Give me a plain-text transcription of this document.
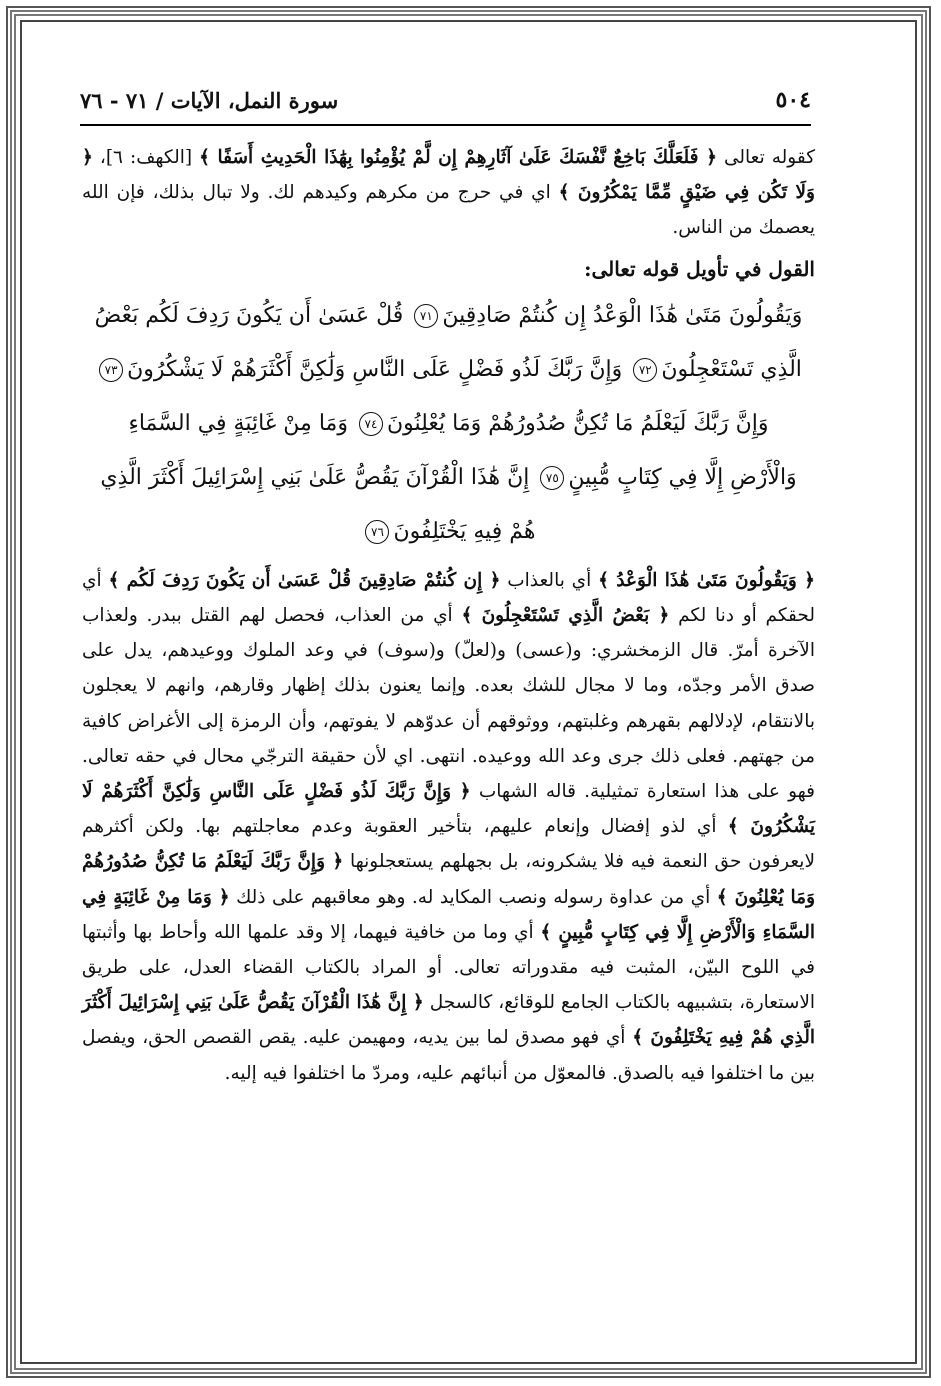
٥٠٤
سورة النمل، الآيات / ٧١ - ٧٦

كقوله تعالى ﴿ فَلَعَلَّكَ بَاخِعٌ نَّفْسَكَ عَلَىٰ آثَارِهِمْ إِن لَّمْ يُؤْمِنُوا بِهَٰذَا الْحَدِيثِ أَسَفًا ﴾ [الكهف: ٦]، ﴿ وَلَا تَكُن فِي ضَيْقٍ مِّمَّا يَمْكُرُونَ ﴾ اي في حرج من مكرهم وكيدهم لك. ولا تبال بذلك، فإن الله يعصمك من الناس.

القول في تأويل قوله تعالى:

وَيَقُولُونَ مَتَىٰ هَٰذَا الْوَعْدُ إِن كُنتُمْ صَادِقِينَ٧١ قُلْ عَسَىٰ أَن يَكُونَ رَدِفَ لَكُم بَعْضُ الَّذِي تَسْتَعْجِلُونَ٧٢ وَإِنَّ رَبَّكَ لَذُو فَضْلٍ عَلَى النَّاسِ وَلَٰكِنَّ أَكْثَرَهُمْ لَا يَشْكُرُونَ٧٣ وَإِنَّ رَبَّكَ لَيَعْلَمُ مَا تُكِنُّ صُدُورُهُمْ وَمَا يُعْلِنُونَ٧٤ وَمَا مِنْ غَائِبَةٍ فِي السَّمَاءِ وَالْأَرْضِ إِلَّا فِي كِتَابٍ مُّبِينٍ٧٥ إِنَّ هَٰذَا الْقُرْآنَ يَقُصُّ عَلَىٰ بَنِي إِسْرَائِيلَ أَكْثَرَ الَّذِي هُمْ فِيهِ يَخْتَلِفُونَ٧٦

﴿ وَيَقُولُونَ مَتَىٰ هَٰذَا الْوَعْدُ ﴾ أي بالعذاب ﴿ إِن كُنتُمْ صَادِقِينَ قُلْ عَسَىٰ أَن يَكُونَ رَدِفَ لَكُم ﴾ أي لحقكم أو دنا لكم ﴿ بَعْضُ الَّذِي تَسْتَعْجِلُونَ ﴾ أي من العذاب، فحصل لهم القتل ببدر. ولعذاب الآخرة أمرّ. قال الزمخشري: و(عسى) و(لعلّ) و(سوف) في وعد الملوك ووعيدهم، يدل على صدق الأمر وجدّه، وما لا مجال للشك بعده. وإنما يعنون بذلك إظهار وقارهم، وانهم لا يعجلون بالانتقام، لإدلالهم بقهرهم وغلبتهم، ووثوقهم أن عدوّهم لا يفوتهم، وأن الرمزة إلى الأغراض كافية من جهتهم. فعلى ذلك جرى وعد الله ووعيده. انتهى. اي لأن حقيقة الترجّي محال في حقه تعالى. فهو على هذا استعارة تمثيلية. قاله الشهاب ﴿ وَإِنَّ رَبَّكَ لَذُو فَضْلٍ عَلَى النَّاسِ وَلَٰكِنَّ أَكْثَرَهُمْ لَا يَشْكُرُونَ ﴾ أي لذو إفضال وإنعام عليهم، بتأخير العقوبة وعدم معاجلتهم بها. ولكن أكثرهم لايعرفون حق النعمة فيه فلا يشكرونه، بل بجهلهم يستعجلونها ﴿ وَإِنَّ رَبَّكَ لَيَعْلَمُ مَا تُكِنُّ صُدُورُهُمْ وَمَا يُعْلِنُونَ ﴾ أي من عداوة رسوله ونصب المكايد له. وهو معاقبهم على ذلك ﴿ وَمَا مِنْ غَائِبَةٍ فِي السَّمَاءِ وَالْأَرْضِ إِلَّا فِي كِتَابٍ مُّبِينٍ ﴾ أي وما من خافية فيهما، إلا وقد علمها الله وأحاط بها وأثبتها في اللوح البيّن، المثبت فيه مقدوراته تعالى. أو المراد بالكتاب القضاء العدل، على طريق الاستعارة، بتشبيهه بالكتاب الجامع للوقائع، كالسجل ﴿ إِنَّ هَٰذَا الْقُرْآنَ يَقُصُّ عَلَىٰ بَنِي إِسْرَائِيلَ أَكْثَرَ الَّذِي هُمْ فِيهِ يَخْتَلِفُونَ ﴾ أي فهو مصدق لما بين يديه، ومهيمن عليه. يقص القصص الحق، ويفصل بين ما اختلفوا فيه بالصدق. فالمعوّل من أنبائهم عليه، ومردّ ما اختلفوا فيه إليه.
